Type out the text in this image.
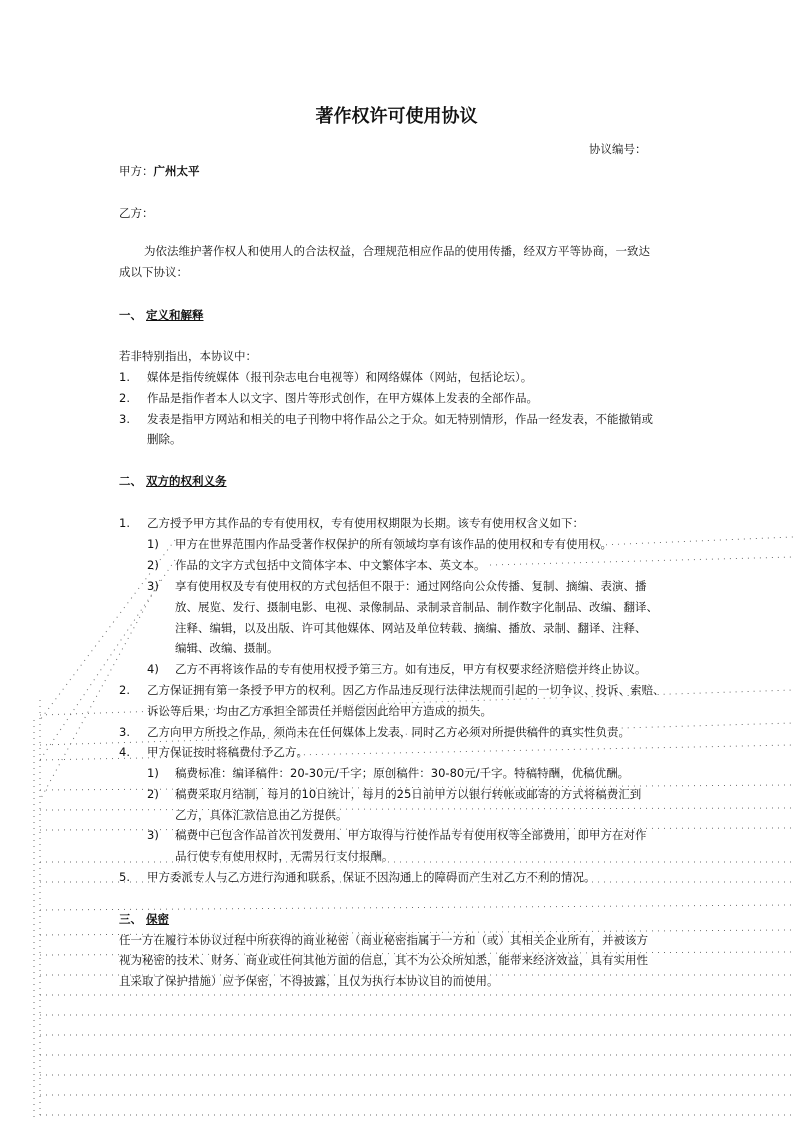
著作权许可使用协议
协议编号：
甲方：广州太平
乙方：
为依法维护著作权人和使用人的合法权益，合理规范相应作品的使用传播，经双方平等协商，一致达
成以下协议：
一、 定义和解释
若非特别指出，本协议中：
1. 媒体是指传统媒体（报刊杂志电台电视等）和网络媒体（网站，包括论坛）。
2. 作品是指作者本人以文字、图片等形式创作，在甲方媒体上发表的全部作品。
3. 发表是指甲方网站和相关的电子刊物中将作品公之于众。如无特别情形，作品一经发表，不能撤销或
删除。
二、 双方的权利义务
1. 乙方授予甲方其作品的专有使用权，专有使用权期限为长期。该专有使用权含义如下：
1) 甲方在世界范围内作品受著作权保护的所有领域均享有该作品的使用权和专有使用权。
2) 作品的文字方式包括中文简体字本、中文繁体字本、英文本。
3) 享有使用权及专有使用权的方式包括但不限于：通过网络向公众传播、复制、摘编、表演、播
放、展览、发行、摄制电影、电视、录像制品、录制录音制品、制作数字化制品、改编、翻译、
注释、编辑，以及出版、许可其他媒体、网站及单位转载、摘编、播放、录制、翻译、注释、
编辑、改编、摄制。
4) 乙方不再将该作品的专有使用权授予第三方。如有违反，甲方有权要求经济赔偿并终止协议。
2. 乙方保证拥有第一条授予甲方的权利。因乙方作品违反现行法律法规而引起的一切争议、投诉、索赔、
诉讼等后果，均由乙方承担全部责任并赔偿因此给甲方造成的损失。
3. 乙方向甲方所投之作品，须尚未在任何媒体上发表，同时乙方必须对所提供稿件的真实性负责。
4. 甲方保证按时将稿费付予乙方。
1) 稿费标准：编译稿件：20-30元/千字；原创稿件：30-80元/千字。特稿特酬，优稿优酬。
2) 稿费采取月结制，每月的10日统计，每月的25日前甲方以银行转帐或邮寄的方式将稿费汇到
乙方，具体汇款信息由乙方提供。
3) 稿费中已包含作品首次刊发费用、甲方取得与行使作品专有使用权等全部费用，即甲方在对作
品行使专有使用权时，无需另行支付报酬。
5. 甲方委派专人与乙方进行沟通和联系，保证不因沟通上的障碍而产生对乙方不利的情况。
三、 保密
任一方在履行本协议过程中所获得的商业秘密（商业秘密指属于一方和（或）其相关企业所有，并被该方
视为秘密的技术、财务、商业或任何其他方面的信息，其不为公众所知悉，能带来经济效益，具有实用性
且采取了保护措施）应予保密，不得披露，且仅为执行本协议目的而使用。
